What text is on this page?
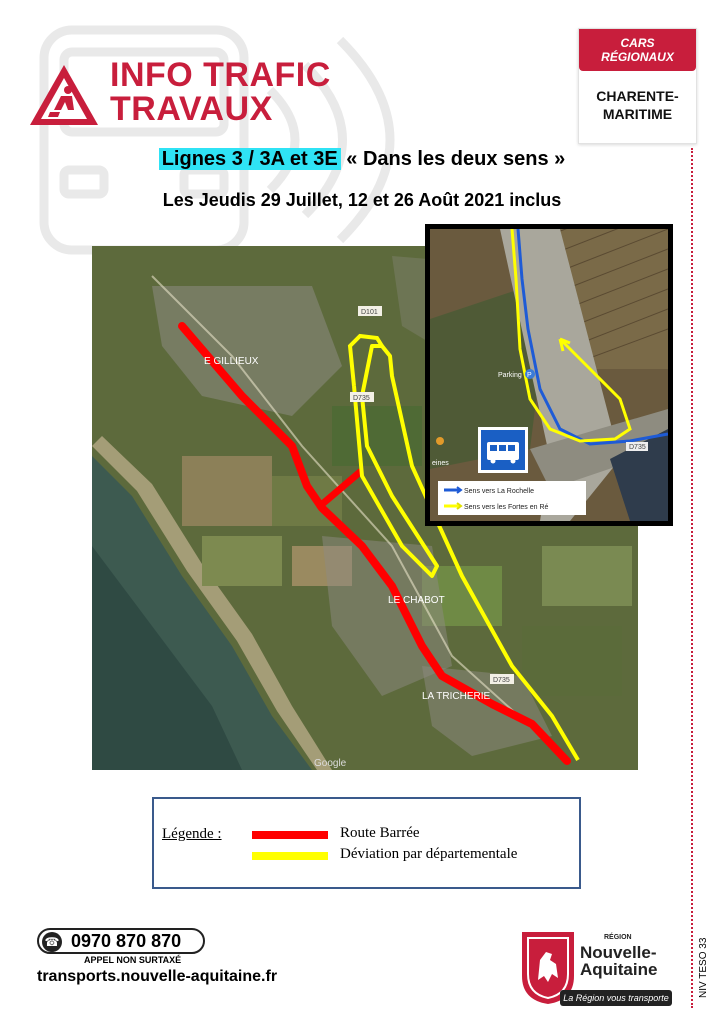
INFO TRAFIC
TRAVAUX
CARS
RÉGIONAUX
CHARENTE-
MARITIME
Lignes 3 / 3A et 3E « Dans les deux sens »
Les Jeudis 29 Juillet, 12 et 26 Août 2021 inclus
E GILLIEUX
LE CHABOT
LA TRICHERIE
D101
D735
D735
Google
Parking P
D735
eines
Sens vers La Rochelle
Sens vers les Fortes en Ré
Légende :	Route Barrée
Déviation par départementale
☎ 0970 870 870
APPEL NON SURTAXÉ
transports.nouvelle-aquitaine.fr
RÉGION
Nouvelle-
Aquitaine
La Région vous transporte	NIV TESO 33
